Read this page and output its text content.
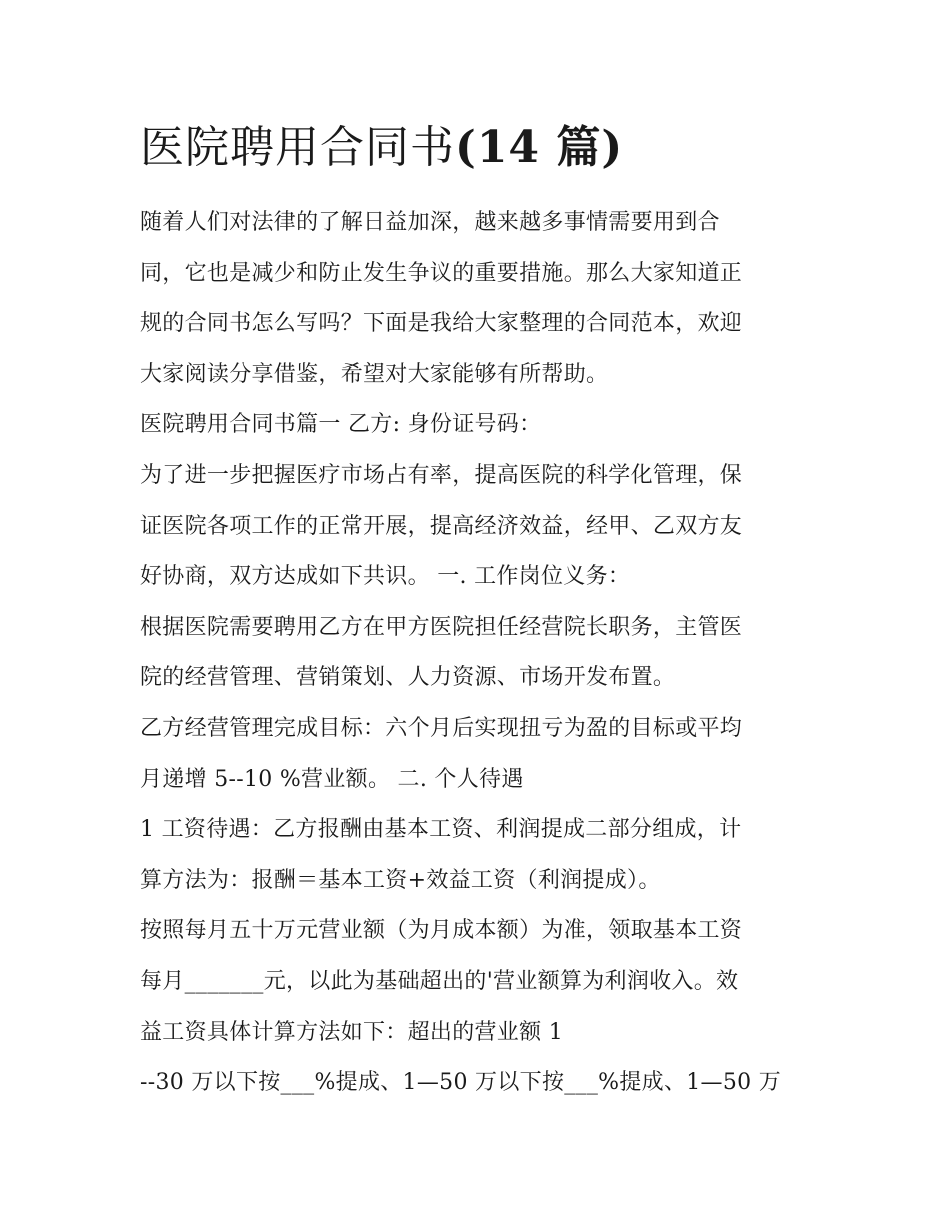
医院聘用合同书(14 篇)
随着人们对法律的了解日益加深，越来越多事情需要用到合
同，它也是减少和防止发生争议的重要措施。那么大家知道正
规的合同书怎么写吗？下面是我给大家整理的合同范本，欢迎
大家阅读分享借鉴，希望对大家能够有所帮助。
医院聘用合同书篇一 乙方: 身份证号码：
为了进一步把握医疗市场占有率，提高医院的科学化管理，保
证医院各项工作的正常开展，提高经济效益，经甲、乙双方友
好协商，双方达成如下共识。 一. 工作岗位义务：
根据医院需要聘用乙方在甲方医院担任经营院长职务，主管医
院的经营管理、营销策划、人力资源、市场开发布置。
乙方经营管理完成目标：六个月后实现扭亏为盈的目标或平均
月递增 5--10 %营业额。 二. 个人待遇
1 工资待遇：乙方报酬由基本工资、利润提成二部分组成，计
算方法为：报酬＝基本工资+效益工资（利润提成）。
按照每月五十万元营业额（为月成本额）为准，领取基本工资
每月_______元，以此为基础超出的'营业额算为利润收入。效
益工资具体计算方法如下：超出的营业额 1
--30 万以下按___%提成、1—50 万以下按___%提成、1—50 万
